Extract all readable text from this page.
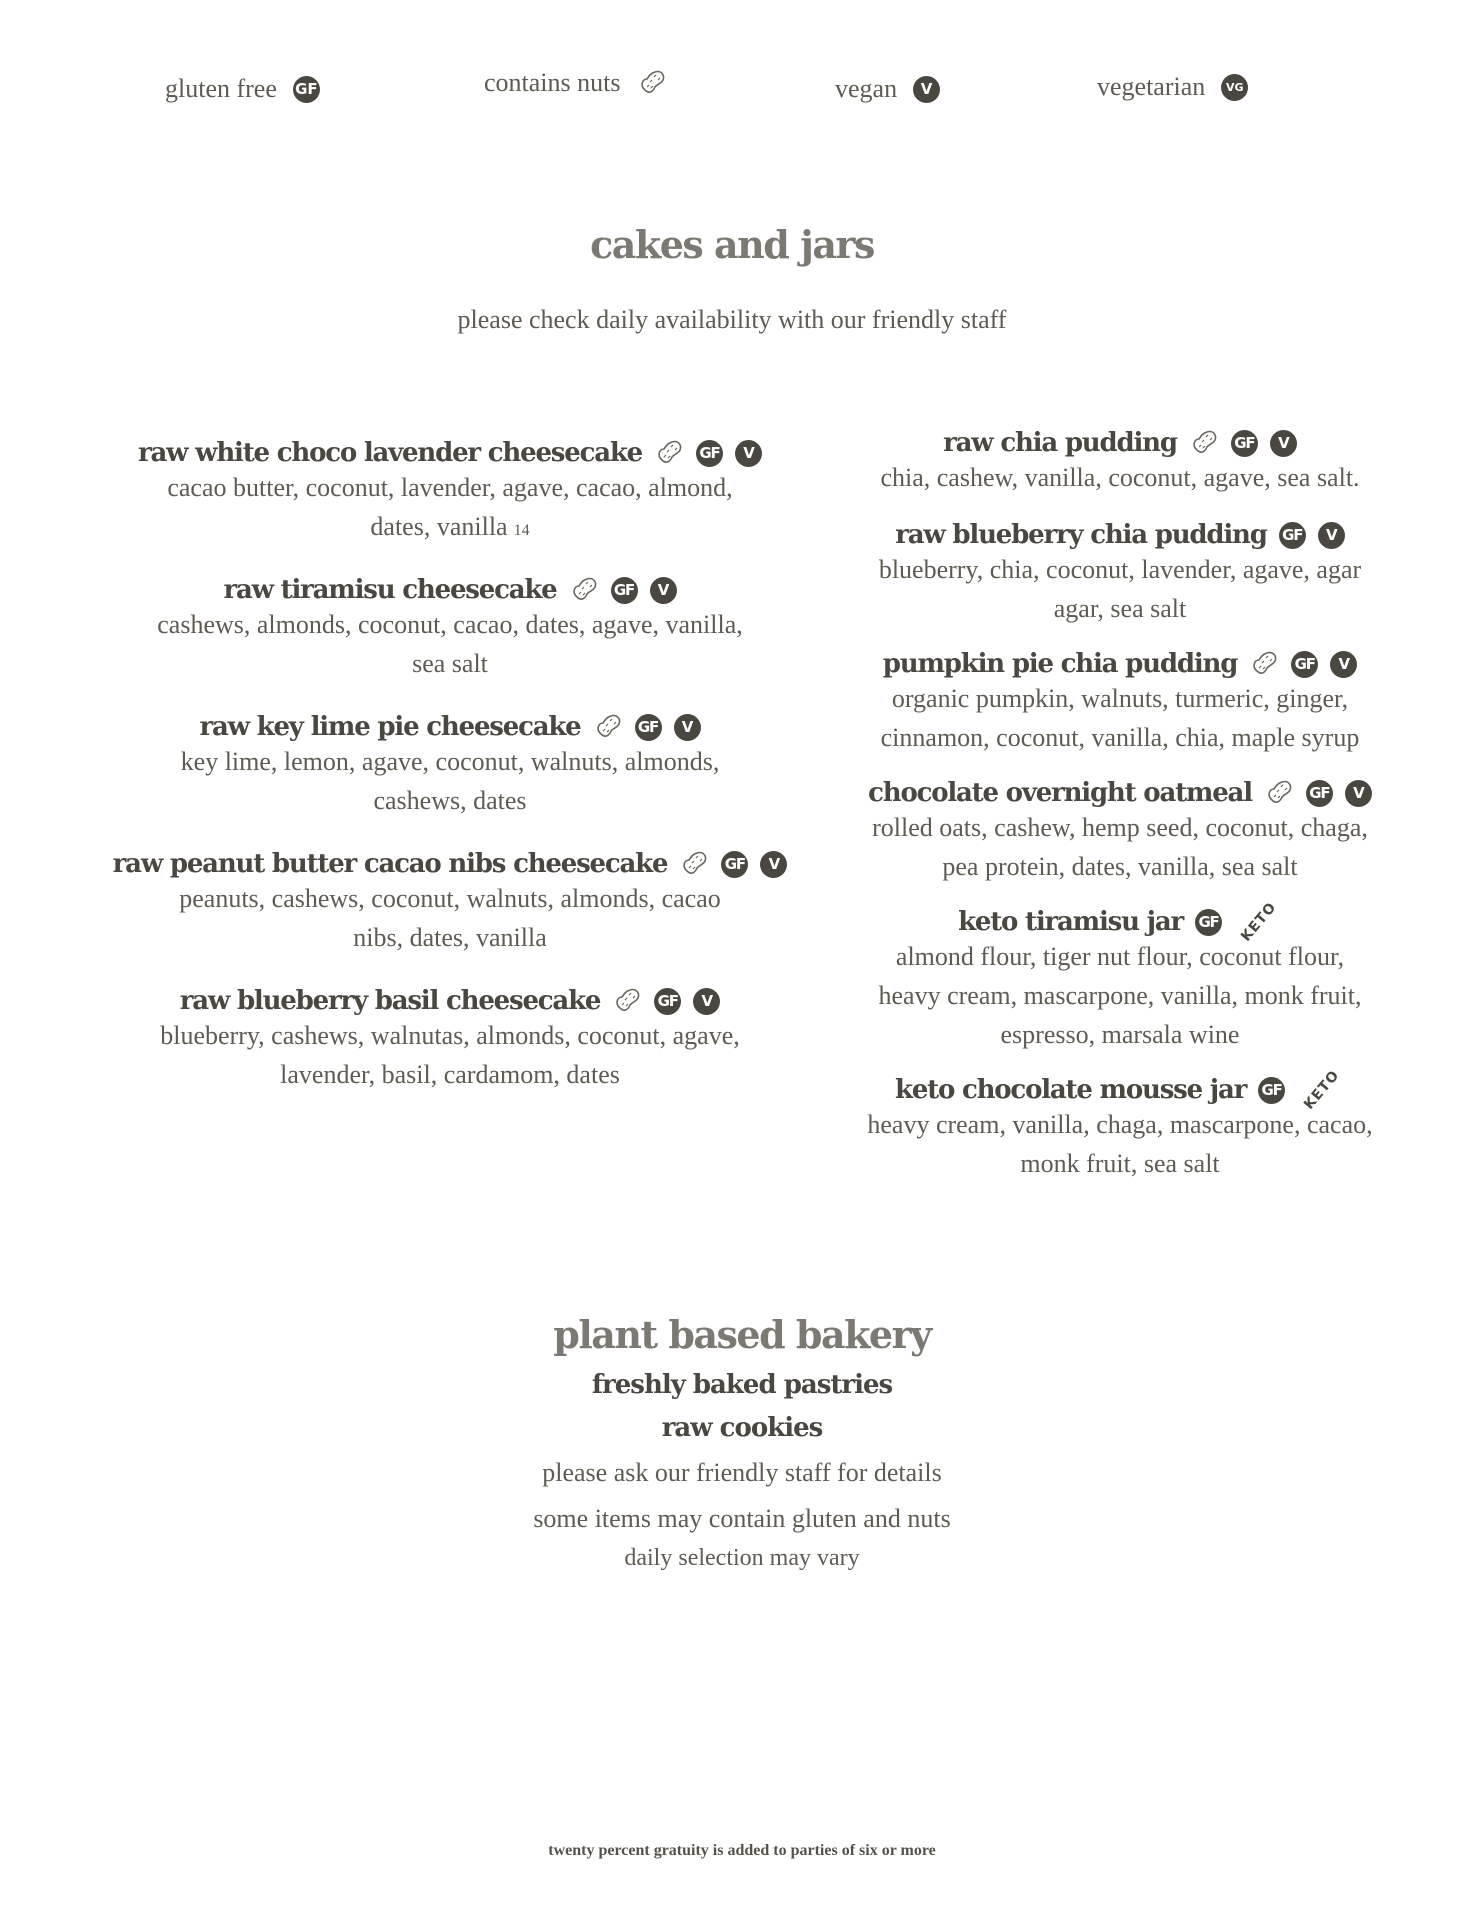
gluten free GF	contains nuts	vegan	V	vegetarian	VG
cakes and jars
please check daily availability with our friendly staff
raw white choco lavender cheesecake	GF	V
cacao butter, coconut, lavender, agave, cacao, almond,
dates, vanilla 14
raw tiramisu cheesecake	GF	V
cashews, almonds, coconut, cacao, dates, agave, vanilla,
sea salt
raw key lime pie cheesecake	GF	V
key lime, lemon, agave, coconut, walnuts, almonds,
cashews, dates
raw peanut butter cacao nibs cheesecake	GF	V
peanuts, cashews, coconut, walnuts, almonds, cacao
nibs, dates, vanilla
raw blueberry basil cheesecake	GF	V
blueberry, cashews, walnutas, almonds, coconut, agave,
lavender, basil, cardamom, dates
raw chia pudding	GF	V
chia, cashew, vanilla, coconut, agave, sea salt.
raw blueberry chia pudding GF	V
blueberry, chia, coconut, lavender, agave, agar
agar, sea salt
pumpkin pie chia pudding	GF	V
organic pumpkin, walnuts, turmeric, ginger,
cinnamon, coconut, vanilla, chia, maple syrup
chocolate overnight oatmeal	GF	V
rolled oats, cashew, hemp seed, coconut, chaga,
pea protein, dates, vanilla, sea salt
keto tiramisu jar GF KETO
almond flour, tiger nut flour, coconut flour,
heavy cream, mascarpone, vanilla, monk fruit,
espresso, marsala wine
keto chocolate mousse jar GF KETO
heavy cream, vanilla, chaga, mascarpone, cacao,
monk fruit, sea salt
plant based bakery
freshly baked pastries
raw cookies
please ask our friendly staff for details
some items may contain gluten and nuts
daily selection may vary
twenty percent gratuity is added to parties of six or more
